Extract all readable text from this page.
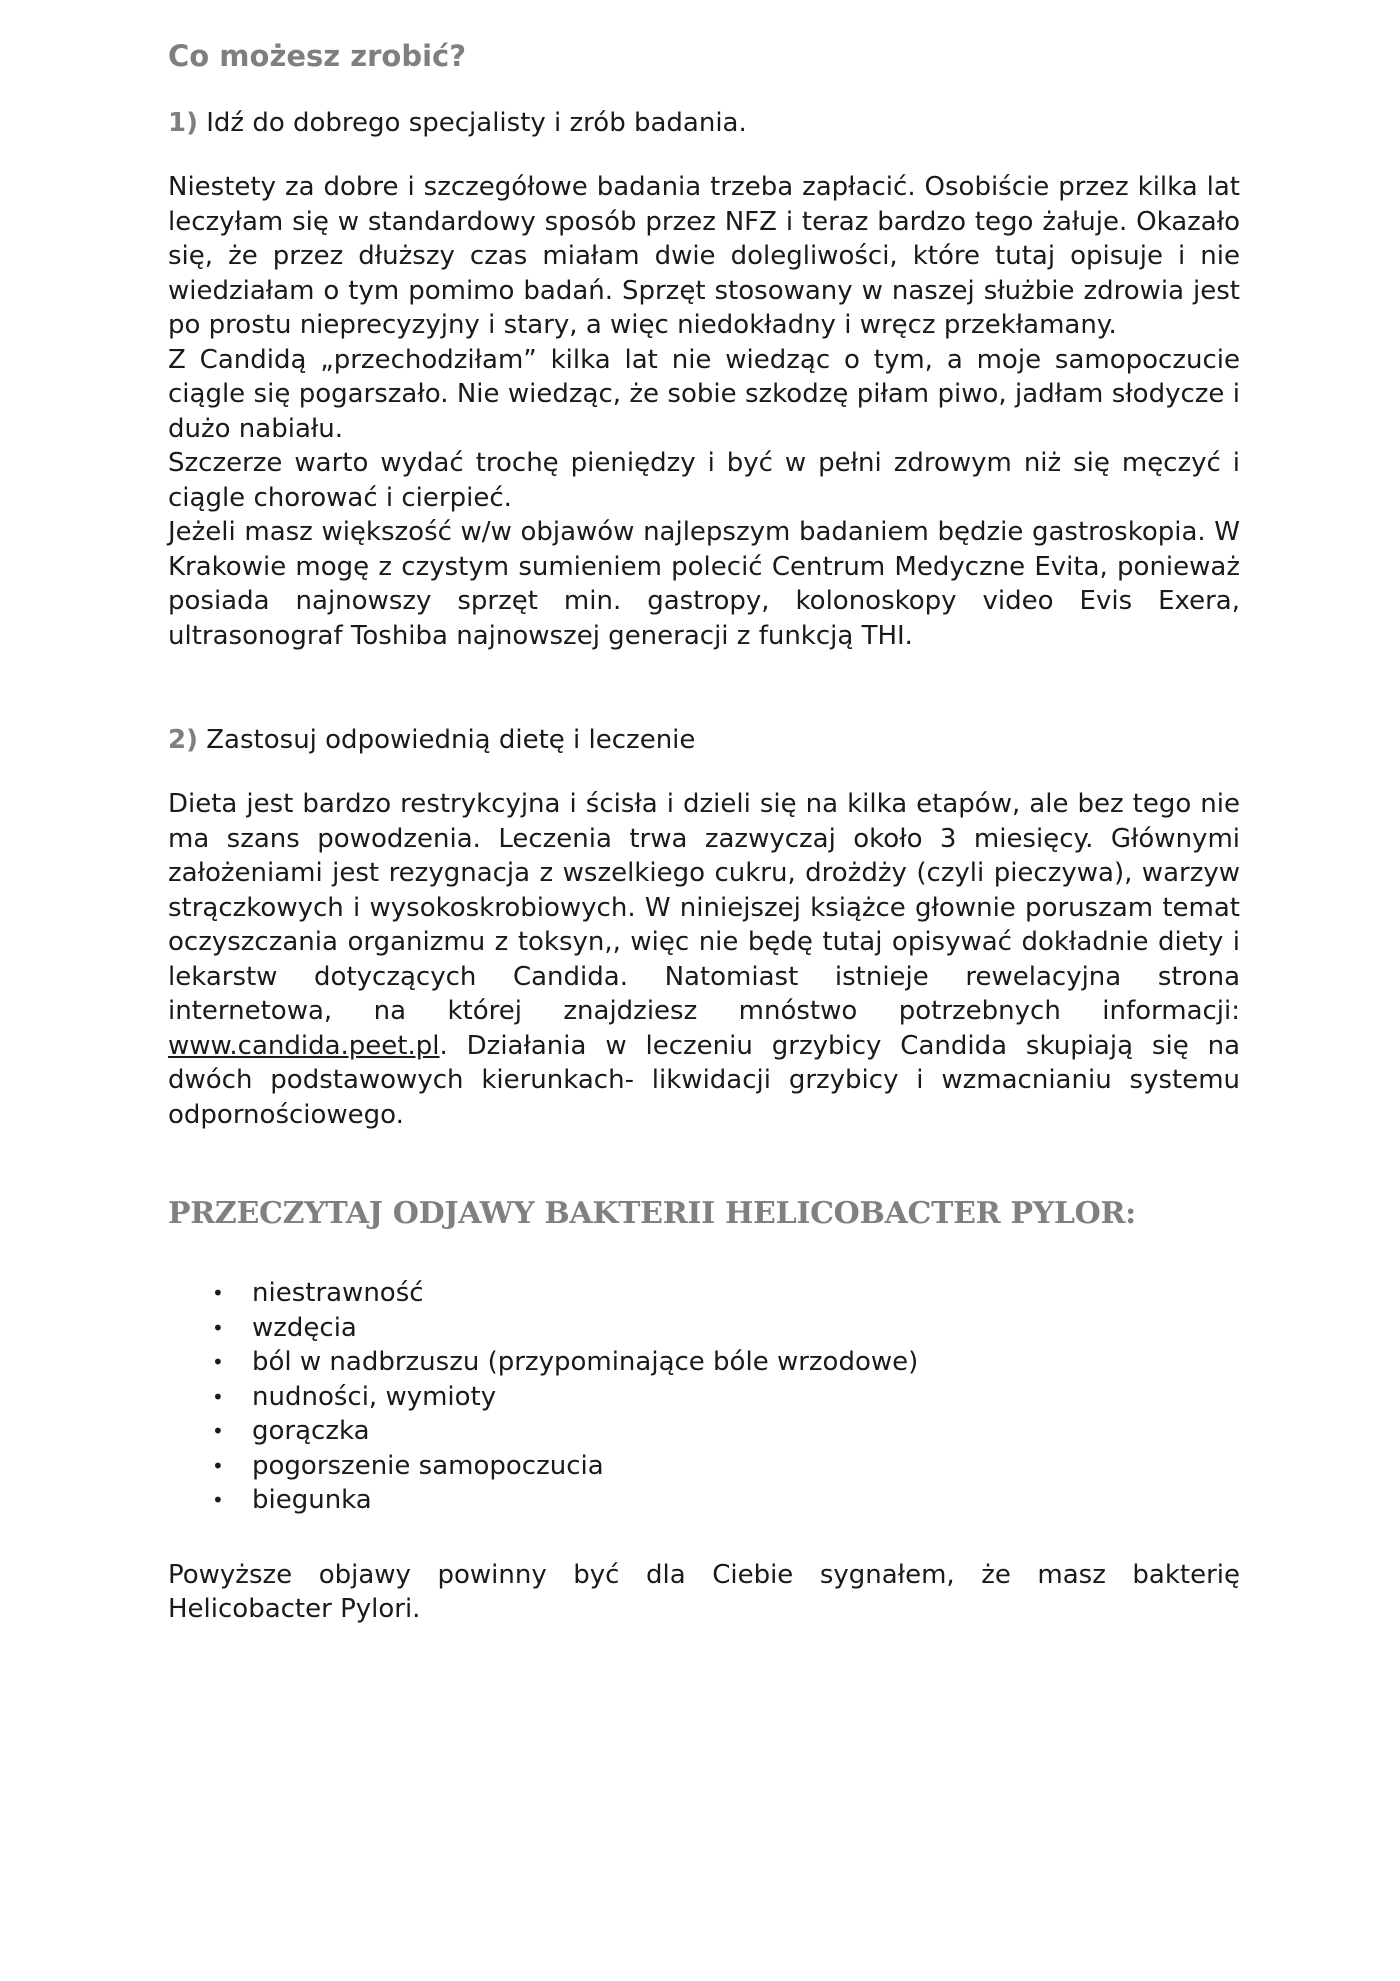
Co możesz zrobić?

1) Idź do dobrego specjalisty i zrób badania.

Niestety za dobre i szczegółowe badania trzeba zapłacić. Osobiście przez kilka lat leczyłam się w standardowy sposób przez NFZ i teraz bardzo tego żałuje. Okazało się, że przez dłuższy czas miałam dwie dolegliwości, które tutaj opisuje i nie wiedziałam o tym pomimo badań. Sprzęt stosowany w naszej służbie zdrowia jest po prostu nieprecyzyjny i stary, a więc niedokładny i wręcz przekłamany.

Z Candidą „przechodziłam” kilka lat nie wiedząc o tym, a moje samopoczucie ciągle się pogarszało. Nie wiedząc, że sobie szkodzę piłam piwo, jadłam słodycze i dużo nabiału.

Szczerze warto wydać trochę pieniędzy i być w pełni zdrowym niż się męczyć i ciągle chorować i cierpieć.

Jeżeli masz większość w/w objawów najlepszym badaniem będzie gastroskopia. W Krakowie mogę z czystym sumieniem polecić Centrum Medyczne Evita, ponieważ posiada najnowszy sprzęt min. gastropy, kolonoskopy video Evis Exera, ultrasonograf Toshiba najnowszej generacji z funkcją THI.

2) Zastosuj odpowiednią dietę i leczenie

Dieta jest bardzo restrykcyjna i ścisła i dzieli się na kilka etapów, ale bez tego nie ma szans powodzenia. Leczenia trwa zazwyczaj około 3 miesięcy. Głównymi założeniami jest rezygnacja z wszelkiego cukru, drożdży (czyli pieczywa), warzyw strączkowych i wysokoskrobiowych. W niniejszej książce głownie poruszam temat oczyszczania organizmu z toksyn,, więc nie będę tutaj opisywać dokładnie diety i lekarstw dotyczących Candida. Natomiast istnieje rewelacyjna strona internetowa, na której znajdziesz mnóstwo potrzebnych informacji: www.candida.peet.pl. Działania w leczeniu grzybicy Candida skupiają się na dwóch podstawowych kierunkach- likwidacji grzybicy i wzmacnianiu systemu odpornościowego.

PRZECZYTAJ ODJAWY BAKTERII HELICOBACTER PYLOR:
• niestrawność
• wzdęcia
• ból w nadbrzuszu (przypominające bóle wrzodowe)
• nudności, wymioty
• gorączka
• pogorszenie samopoczucia
• biegunka

Powyższe objawy powinny być dla Ciebie sygnałem, że masz bakterię Helicobacter Pylori.
